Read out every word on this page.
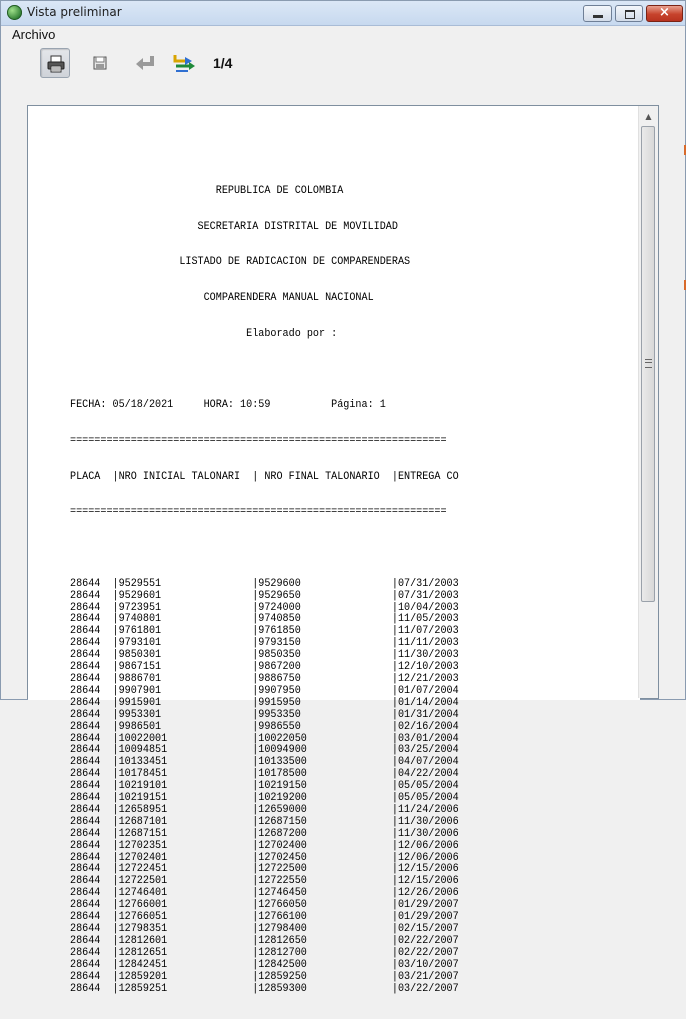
Vista preliminar	×
Archivo
1/4

REPUBLICA DE COLOMBIA

SECRETARIA DISTRITAL DE MOVILIDAD

LISTADO DE RADICACION DE COMPARENDERAS

COMPARENDERA MANUAL NACIONAL

Elaborado por :

FECHA: 05/18/2021     HORA: 10:59          Página: 1

==============================================================

PLACA  |NRO INICIAL TALONARI  | NRO FINAL TALONARIO  |ENTREGA CO

==============================================================

28644  |9529551               |9529600               |07/31/2003
28644  |9529601               |9529650               |07/31/2003
28644  |9723951               |9724000               |10/04/2003
28644  |9740801               |9740850               |11/05/2003
28644  |9761801               |9761850               |11/07/2003
28644  |9793101               |9793150               |11/11/2003
28644  |9850301               |9850350               |11/30/2003
28644  |9867151               |9867200               |12/10/2003
28644  |9886701               |9886750               |12/21/2003
28644  |9907901               |9907950               |01/07/2004
28644  |9915901               |9915950               |01/14/2004
28644  |9953301               |9953350               |01/31/2004
28644  |9986501               |9986550               |02/16/2004
28644  |10022001              |10022050              |03/01/2004
28644  |10094851              |10094900              |03/25/2004
28644  |10133451              |10133500              |04/07/2004
28644  |10178451              |10178500              |04/22/2004
28644  |10219101              |10219150              |05/05/2004
28644  |10219151              |10219200              |05/05/2004
28644  |12658951              |12659000              |11/24/2006
28644  |12687101              |12687150              |11/30/2006
28644  |12687151              |12687200              |11/30/2006
28644  |12702351              |12702400              |12/06/2006
28644  |12702401              |12702450              |12/06/2006
28644  |12722451              |12722500              |12/15/2006
28644  |12722501              |12722550              |12/15/2006
28644  |12746401              |12746450              |12/26/2006
28644  |12766001              |12766050              |01/29/2007
28644  |12766051              |12766100              |01/29/2007
28644  |12798351              |12798400              |02/15/2007
28644  |12812601              |12812650              |02/22/2007
28644  |12812651              |12812700              |02/22/2007
28644  |12842451              |12842500              |03/10/2007
28644  |12859201              |12859250              |03/21/2007
28644  |12859251              |12859300              |03/22/2007

▲
